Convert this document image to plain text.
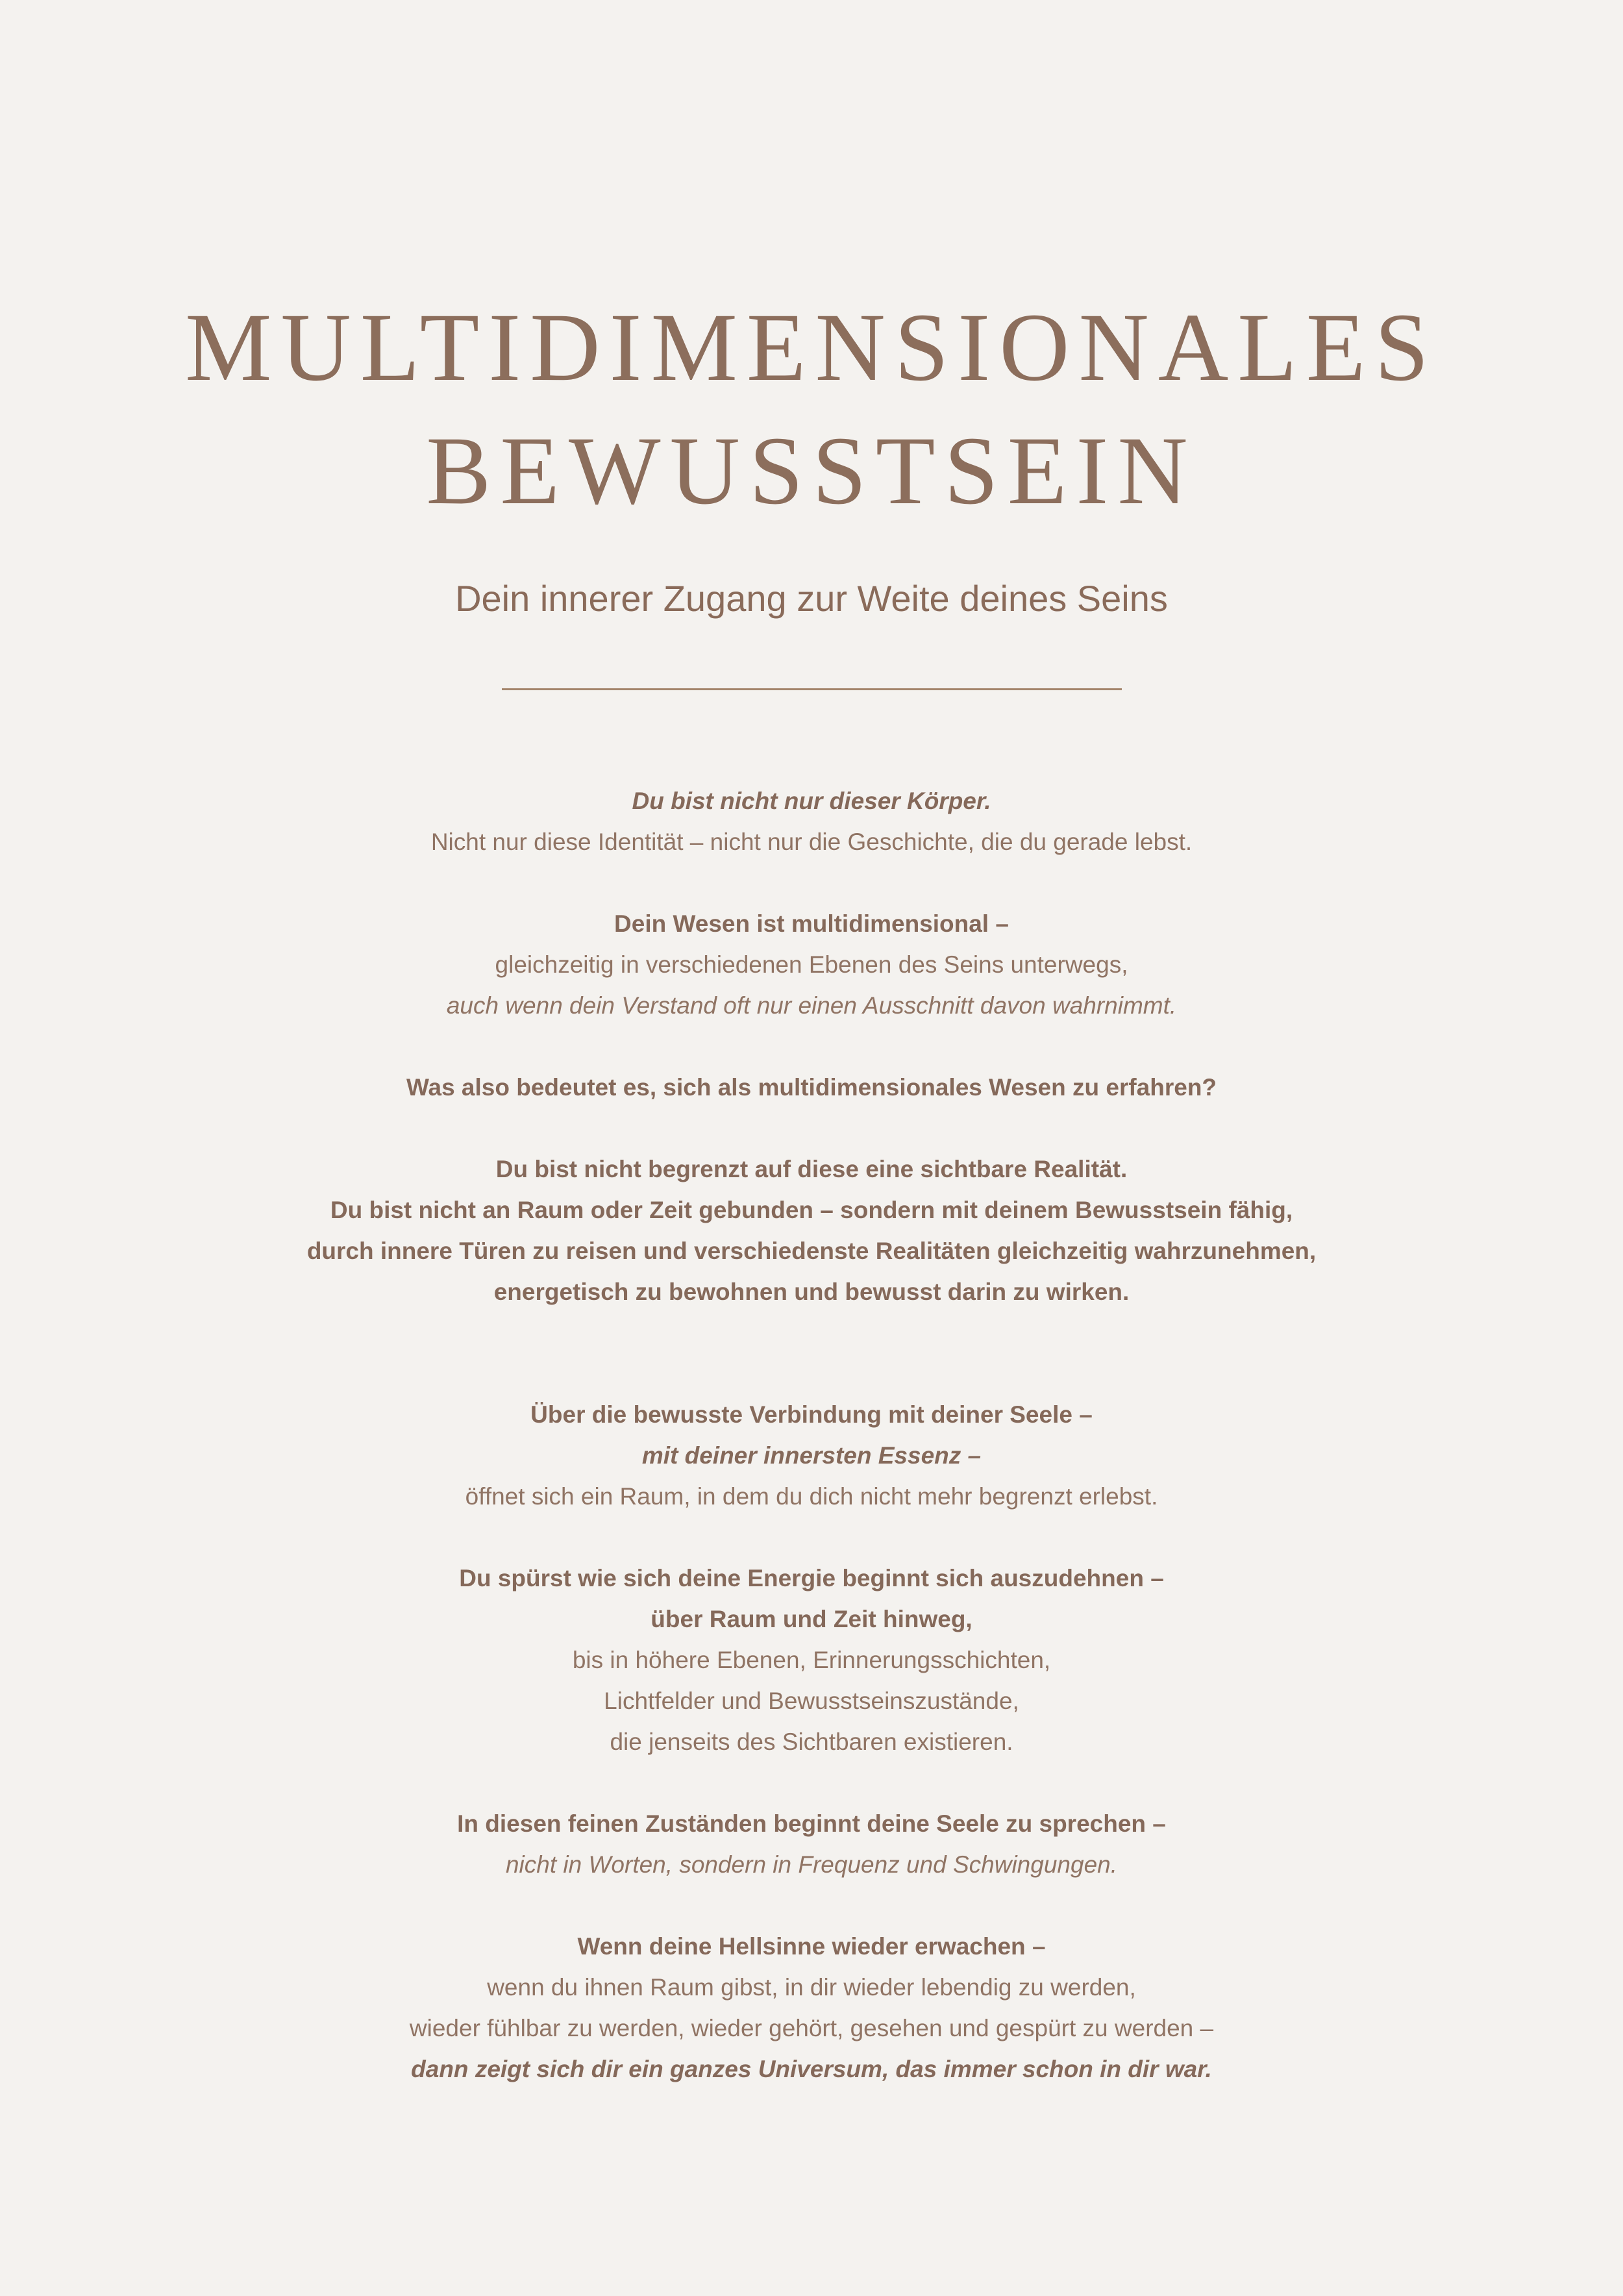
MULTIDIMENSIONALES
BEWUSSTSEIN
Dein innerer Zugang zur Weite deines Seins
Du bist nicht nur dieser Körper.
Nicht nur diese Identität – nicht nur die Geschichte, die du gerade lebst.
Dein Wesen ist multidimensional –
gleichzeitig in verschiedenen Ebenen des Seins unterwegs,
auch wenn dein Verstand oft nur einen Ausschnitt davon wahrnimmt.
Was also bedeutet es, sich als multidimensionales Wesen zu erfahren?
Du bist nicht begrenzt auf diese eine sichtbare Realität.
Du bist nicht an Raum oder Zeit gebunden – sondern mit deinem Bewusstsein fähig,
durch innere Türen zu reisen und verschiedenste Realitäten gleichzeitig wahrzunehmen,
energetisch zu bewohnen und bewusst darin zu wirken.
Über die bewusste Verbindung mit deiner Seele –
mit deiner innersten Essenz –
öffnet sich ein Raum, in dem du dich nicht mehr begrenzt erlebst.
Du spürst wie sich deine Energie beginnt sich auszudehnen –
über Raum und Zeit hinweg,
bis in höhere Ebenen, Erinnerungsschichten,
Lichtfelder und Bewusstseinszustände,
die jenseits des Sichtbaren existieren.
In diesen feinen Zuständen beginnt deine Seele zu sprechen –
nicht in Worten, sondern in Frequenz und Schwingungen.
Wenn deine Hellsinne wieder erwachen –
wenn du ihnen Raum gibst, in dir wieder lebendig zu werden,
wieder fühlbar zu werden, wieder gehört, gesehen und gespürt zu werden –
dann zeigt sich dir ein ganzes Universum, das immer schon in dir war.
